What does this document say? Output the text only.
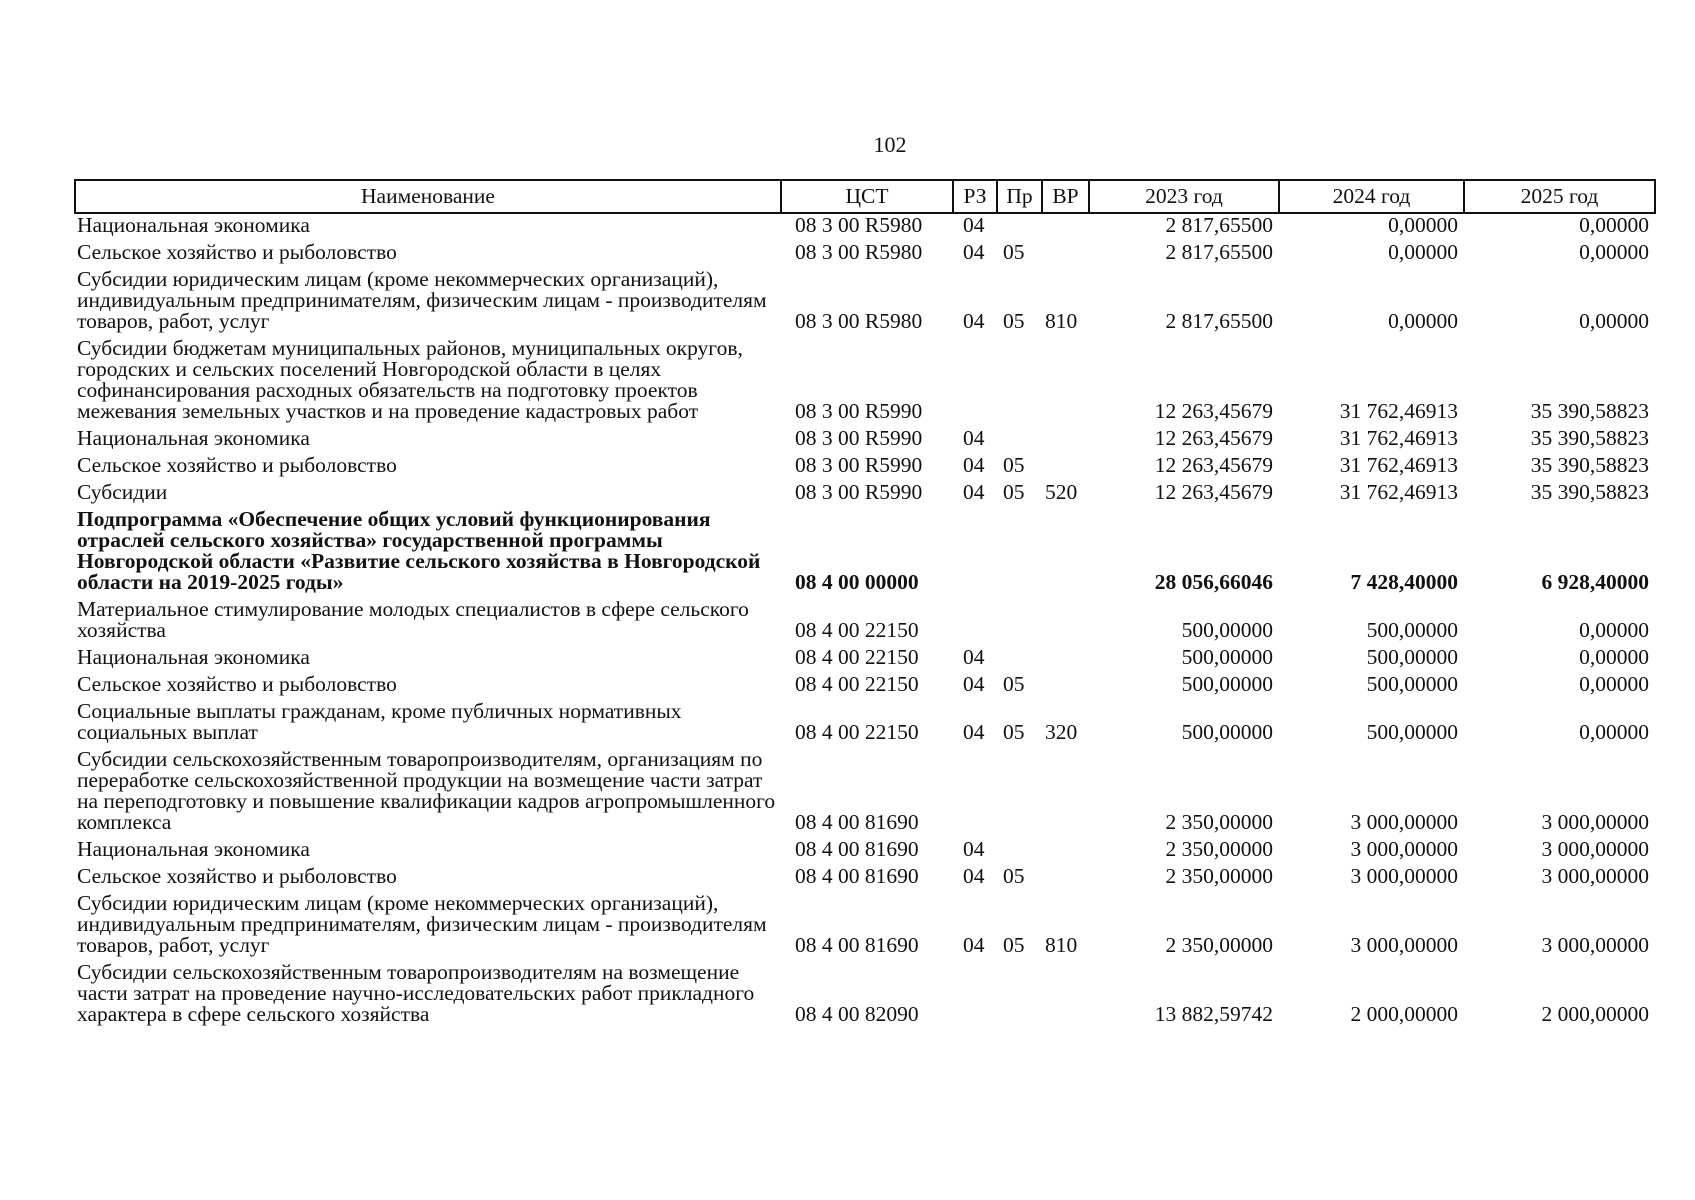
102
Наименование	ЦСТ	РЗ	Пр	ВР	2023 год	2024 год	2025 год
Национальная экономика	08 3 00 R5980	04			2 817,65500	0,00000	0,00000
Сельское хозяйство и рыболовство	08 3 00 R5980	04	05		2 817,65500	0,00000	0,00000
Субсидии юридическим лицам (кроме некоммерческих организаций), индивидуальным предпринимателям, физическим лицам - производителям товаров, работ, услуг	08 3 00 R5980	04	05	810	2 817,65500	0,00000	0,00000
Субсидии бюджетам муниципальных районов, муниципальных округов, городских и сельских поселений Новгородской области в целях софинансирования расходных обязательств на подготовку проектов межевания земельных участков и на проведение кадастровых работ	08 3 00 R5990				12 263,45679	31 762,46913	35 390,58823
Национальная экономика	08 3 00 R5990	04			12 263,45679	31 762,46913	35 390,58823
Сельское хозяйство и рыболовство	08 3 00 R5990	04	05		12 263,45679	31 762,46913	35 390,58823
Субсидии	08 3 00 R5990	04	05	520	12 263,45679	31 762,46913	35 390,58823
Подпрограмма «Обеспечение общих условий функционирования отраслей сельского хозяйства» государственной программы Новгородской области «Развитие сельского хозяйства в Новгородской области на 2019-2025 годы»	08 4 00 00000				28 056,66046	7 428,40000	6 928,40000
Материальное стимулирование молодых специалистов в сфере сельского хозяйства	08 4 00 22150				500,00000	500,00000	0,00000
Национальная экономика	08 4 00 22150	04			500,00000	500,00000	0,00000
Сельское хозяйство и рыболовство	08 4 00 22150	04	05		500,00000	500,00000	0,00000
Социальные выплаты гражданам, кроме публичных нормативных социальных выплат	08 4 00 22150	04	05	320	500,00000	500,00000	0,00000
Субсидии сельскохозяйственным товаропроизводителям, организациям по переработке сельскохозяйственной продукции на возмещение части затрат на переподготовку и повышение квалификации кадров агропромышленного комплекса	08 4 00 81690				2 350,00000	3 000,00000	3 000,00000
Национальная экономика	08 4 00 81690	04			2 350,00000	3 000,00000	3 000,00000
Сельское хозяйство и рыболовство	08 4 00 81690	04	05		2 350,00000	3 000,00000	3 000,00000
Субсидии юридическим лицам (кроме некоммерческих организаций), индивидуальным предпринимателям, физическим лицам - производителям товаров, работ, услуг	08 4 00 81690	04	05	810	2 350,00000	3 000,00000	3 000,00000
Субсидии сельскохозяйственным товаропроизводителям на возмещение части затрат на проведение научно-исследовательских работ прикладного характера в сфере сельского хозяйства	08 4 00 82090				13 882,59742	2 000,00000	2 000,00000
